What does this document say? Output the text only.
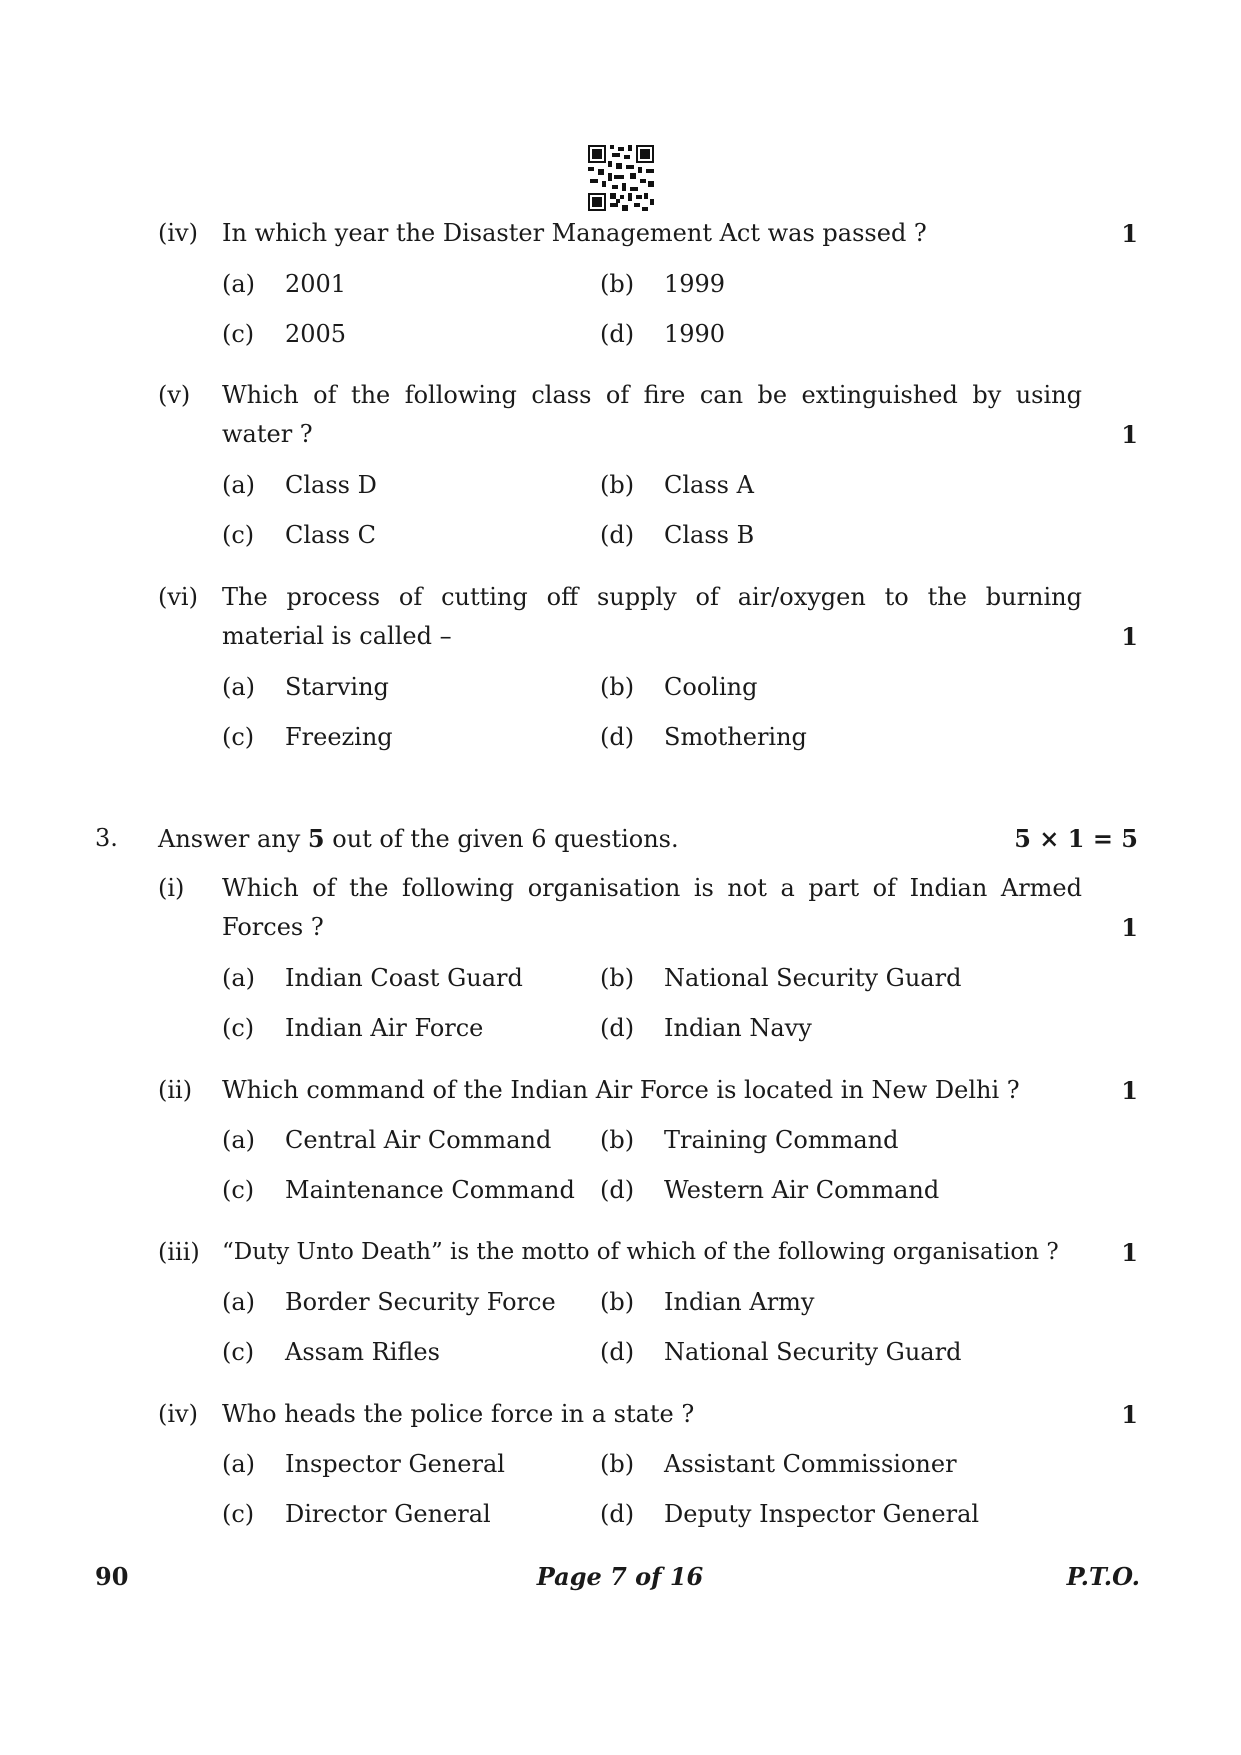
(iv) In which year the Disaster Management Act was passed ?	1
(a) 2001	(b) 1999
(c) 2005	(d) 1990
(v) Which of the following class of fire can be extinguished by using
water ?	1
(a) Class D	(b) Class A
(c) Class C	(d) Class B
(vi) The process of cutting off supply of air/oxygen to the burning
material is called –	1
(a) Starving	(b) Cooling
(c) Freezing	(d) Smothering
3. Answer any 5 out of the given 6 questions.	5 × 1 = 5
(i) Which of the following organisation is not a part of Indian Armed
Forces ?	1
(a) Indian Coast Guard	(b) National Security Guard
(c) Indian Air Force	(d) Indian Navy
(ii) Which command of the Indian Air Force is located in New Delhi ?	1
(a) Central Air Command (b) Training Command
(c) Maintenance Command (d) Western Air Command
(iii) “Duty Unto Death” is the motto of which of the following organisation ?	1
(a) Border Security Force (b) Indian Army
(c) Assam Rifles	(d) National Security Guard
(iv) Who heads the police force in a state ?	1
(a) Inspector General	(b) Assistant Commissioner
(c) Director General	(d) Deputy Inspector General
90	Page 7 of 16	P.T.O.
